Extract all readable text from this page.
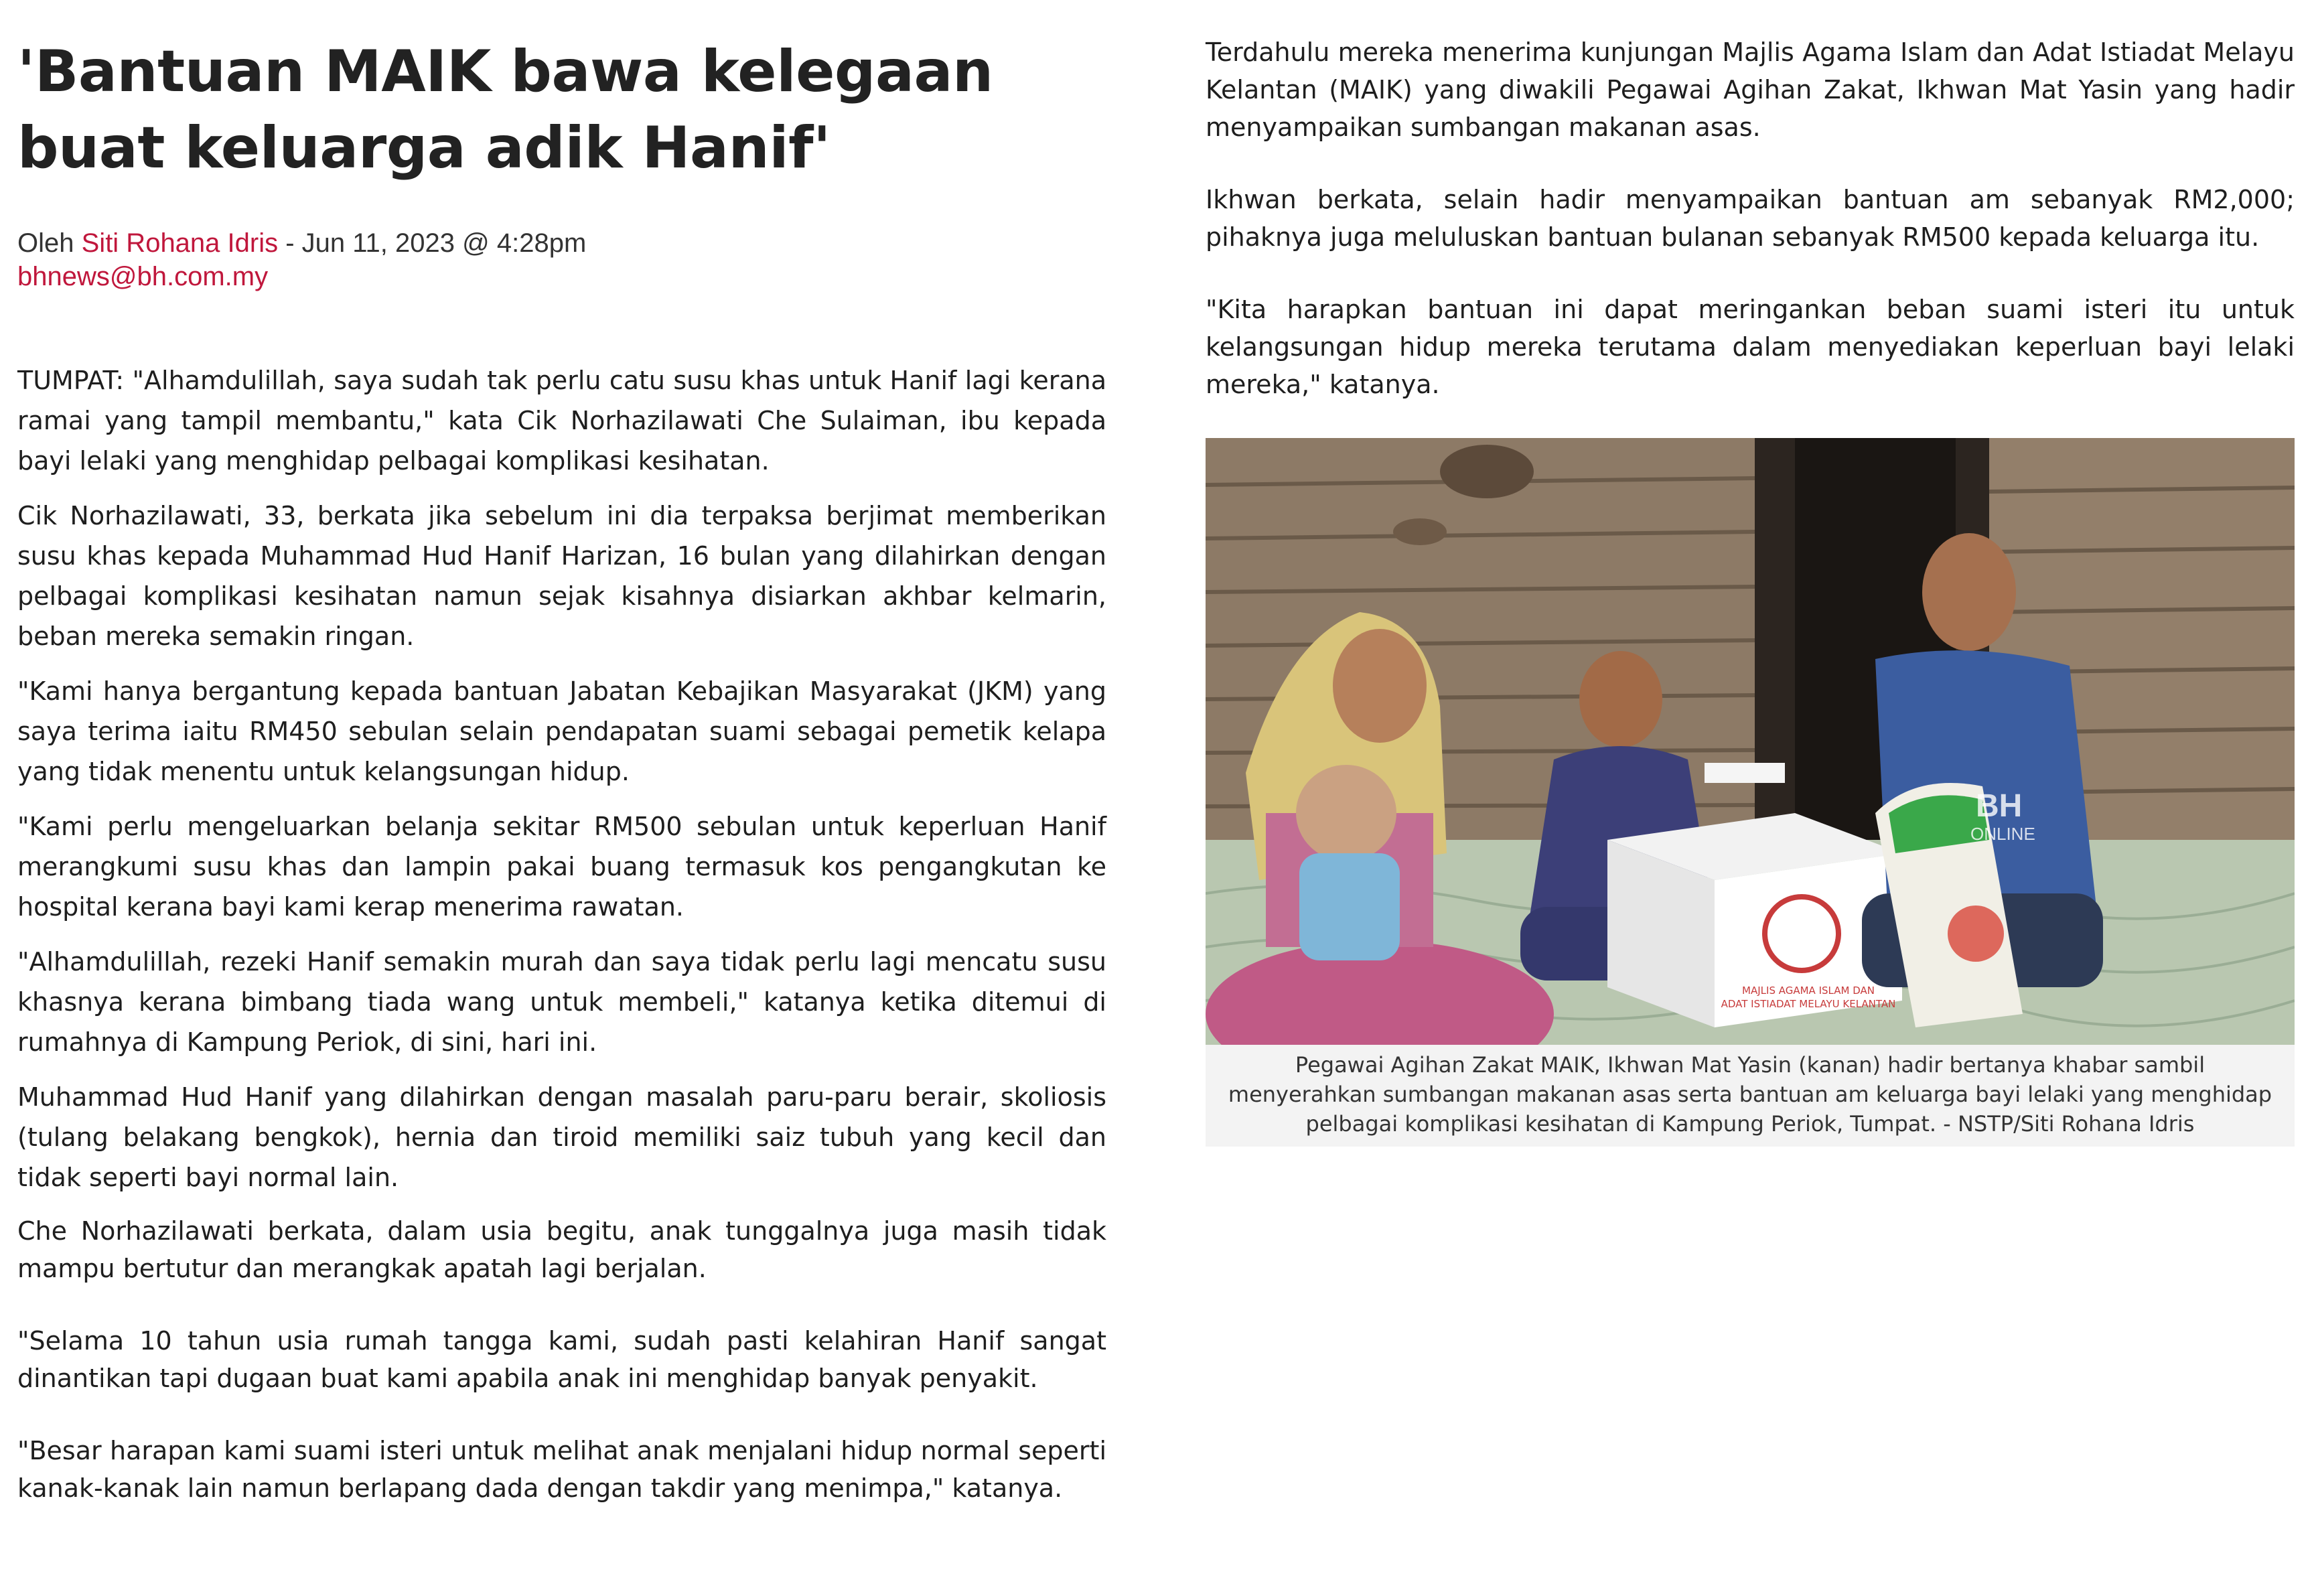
'Bantuan MAIK bawa kelegaan buat keluarga adik Hanif'
Oleh Siti Rohana Idris - Jun 11, 2023 @ 4:28pm
bhnews@bh.com.my

TUMPAT: "Alhamdulillah, saya sudah tak perlu catu susu khas untuk Hanif lagi kerana ramai yang tampil membantu," kata Cik Norhazilawati Che Sulaiman, ibu kepada bayi lelaki yang menghidap pelbagai komplikasi kesihatan.

Cik Norhazilawati, 33, berkata jika sebelum ini dia terpaksa berjimat memberikan susu khas kepada Muhammad Hud Hanif Harizan, 16 bulan yang dilahirkan dengan pelbagai komplikasi kesihatan namun sejak kisahnya disiarkan akhbar kelmarin, beban mereka semakin ringan.

"Kami hanya bergantung kepada bantuan Jabatan Kebajikan Masyarakat (JKM) yang saya terima iaitu RM450 sebulan selain pendapatan suami sebagai pemetik kelapa yang tidak menentu untuk kelangsungan hidup.

"Kami perlu mengeluarkan belanja sekitar RM500 sebulan untuk keperluan Hanif merangkumi susu khas dan lampin pakai buang termasuk kos pengangkutan ke hospital kerana bayi kami kerap menerima rawatan.

"Alhamdulillah, rezeki Hanif semakin murah dan saya tidak perlu lagi mencatu susu khasnya kerana bimbang tiada wang untuk membeli," katanya ketika ditemui di rumahnya di Kampung Periok, di sini, hari ini.

Muhammad Hud Hanif yang dilahirkan dengan masalah paru-paru berair, skoliosis (tulang belakang bengkok), hernia dan tiroid memiliki saiz tubuh yang kecil dan tidak seperti bayi normal lain.

Che Norhazilawati berkata, dalam usia begitu, anak tunggalnya juga masih tidak mampu bertutur dan merangkak apatah lagi berjalan.

"Selama 10 tahun usia rumah tangga kami, sudah pasti kelahiran Hanif sangat dinantikan tapi dugaan buat kami apabila anak ini menghidap banyak penyakit.

"Besar harapan kami suami isteri untuk melihat anak menjalani hidup normal seperti kanak-kanak lain namun berlapang dada dengan takdir yang menimpa," katanya.

Terdahulu mereka menerima kunjungan Majlis Agama Islam dan Adat Istiadat Melayu Kelantan (MAIK) yang diwakili Pegawai Agihan Zakat, Ikhwan Mat Yasin yang hadir menyampaikan sumbangan makanan asas.

Ikhwan berkata, selain hadir menyampaikan bantuan am sebanyak RM2,000; pihaknya juga meluluskan bantuan bulanan sebanyak RM500 kepada keluarga itu.

"Kita harapkan bantuan ini dapat meringankan beban suami isteri itu untuk kelangsungan hidup mereka terutama dalam menyediakan keperluan bayi lelaki mereka," katanya.

MAJLIS AGAMA ISLAM DAN
ADAT ISTIADAT MELAYU KELANTAN
BH
ONLINE
Pegawai Agihan Zakat MAIK, Ikhwan Mat Yasin (kanan) hadir bertanya khabar sambil menyerahkan sumbangan makanan asas serta bantuan am keluarga bayi lelaki yang menghidap pelbagai komplikasi kesihatan di Kampung Periok, Tumpat. - NSTP/Siti Rohana Idris
